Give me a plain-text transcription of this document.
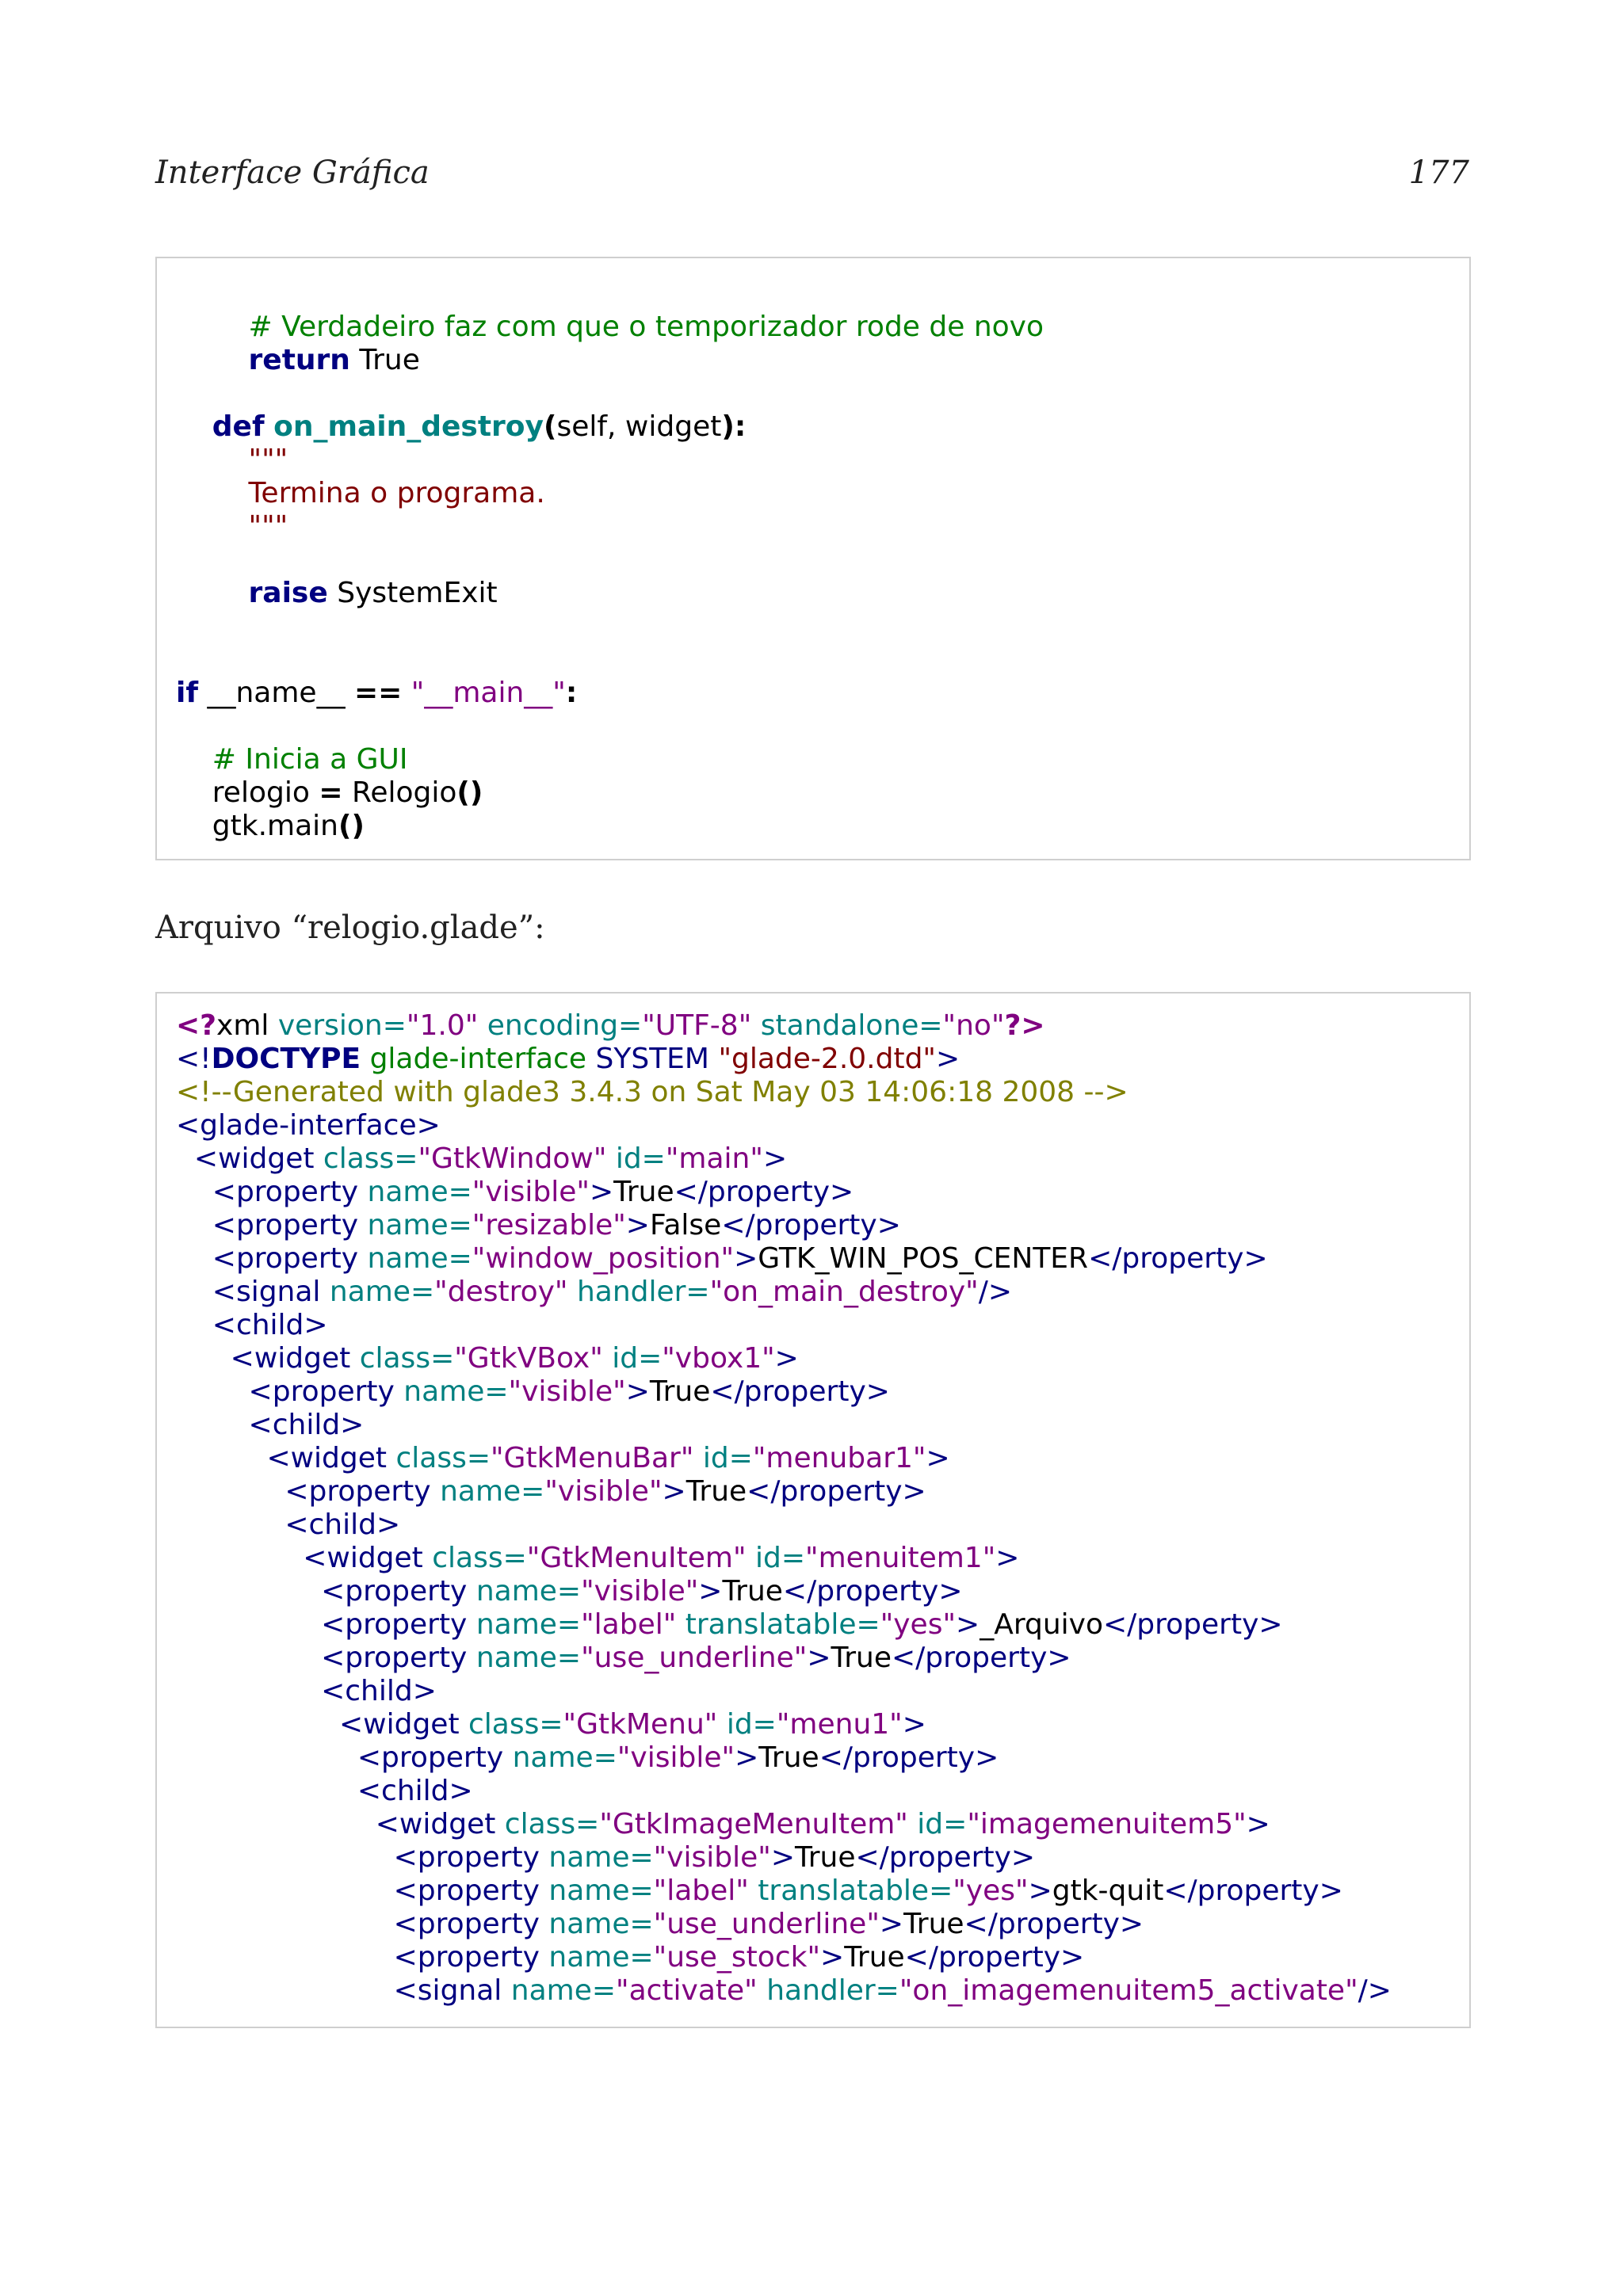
Interface Gráfica	177
# Verdadeiro faz com que o temporizador rode de novo
return True
def on_main_destroy(self, widget):
"""
Termina o programa.
"""
raise SystemExit
if __name__ == "__main__":
# Inicia a GUI
relogio = Relogio()
gtk.main()
Arquivo “relogio.glade”:
<?xml version="1.0" encoding="UTF-8" standalone="no"?>
<!DOCTYPE glade-interface SYSTEM "glade-2.0.dtd">
<!--Generated with glade3 3.4.3 on Sat May 03 14:06:18 2008 -->
<glade-interface>
<widget class="GtkWindow" id="main">
<property name="visible">True</property>
<property name="resizable">False</property>
<property name="window_position">GTK_WIN_POS_CENTER</property>
<signal name="destroy" handler="on_main_destroy"/>
<child>
<widget class="GtkVBox" id="vbox1">
<property name="visible">True</property>
<child>
<widget class="GtkMenuBar" id="menubar1">
<property name="visible">True</property>
<child>
<widget class="GtkMenuItem" id="menuitem1">
<property name="visible">True</property>
<property name="label" translatable="yes">_Arquivo</property>
<property name="use_underline">True</property>
<child>
<widget class="GtkMenu" id="menu1">
<property name="visible">True</property>
<child>
<widget class="GtkImageMenuItem" id="imagemenuitem5">
<property name="visible">True</property>
<property name="label" translatable="yes">gtk-quit</property>
<property name="use_underline">True</property>
<property name="use_stock">True</property>
<signal name="activate" handler="on_imagemenuitem5_activate"/>
